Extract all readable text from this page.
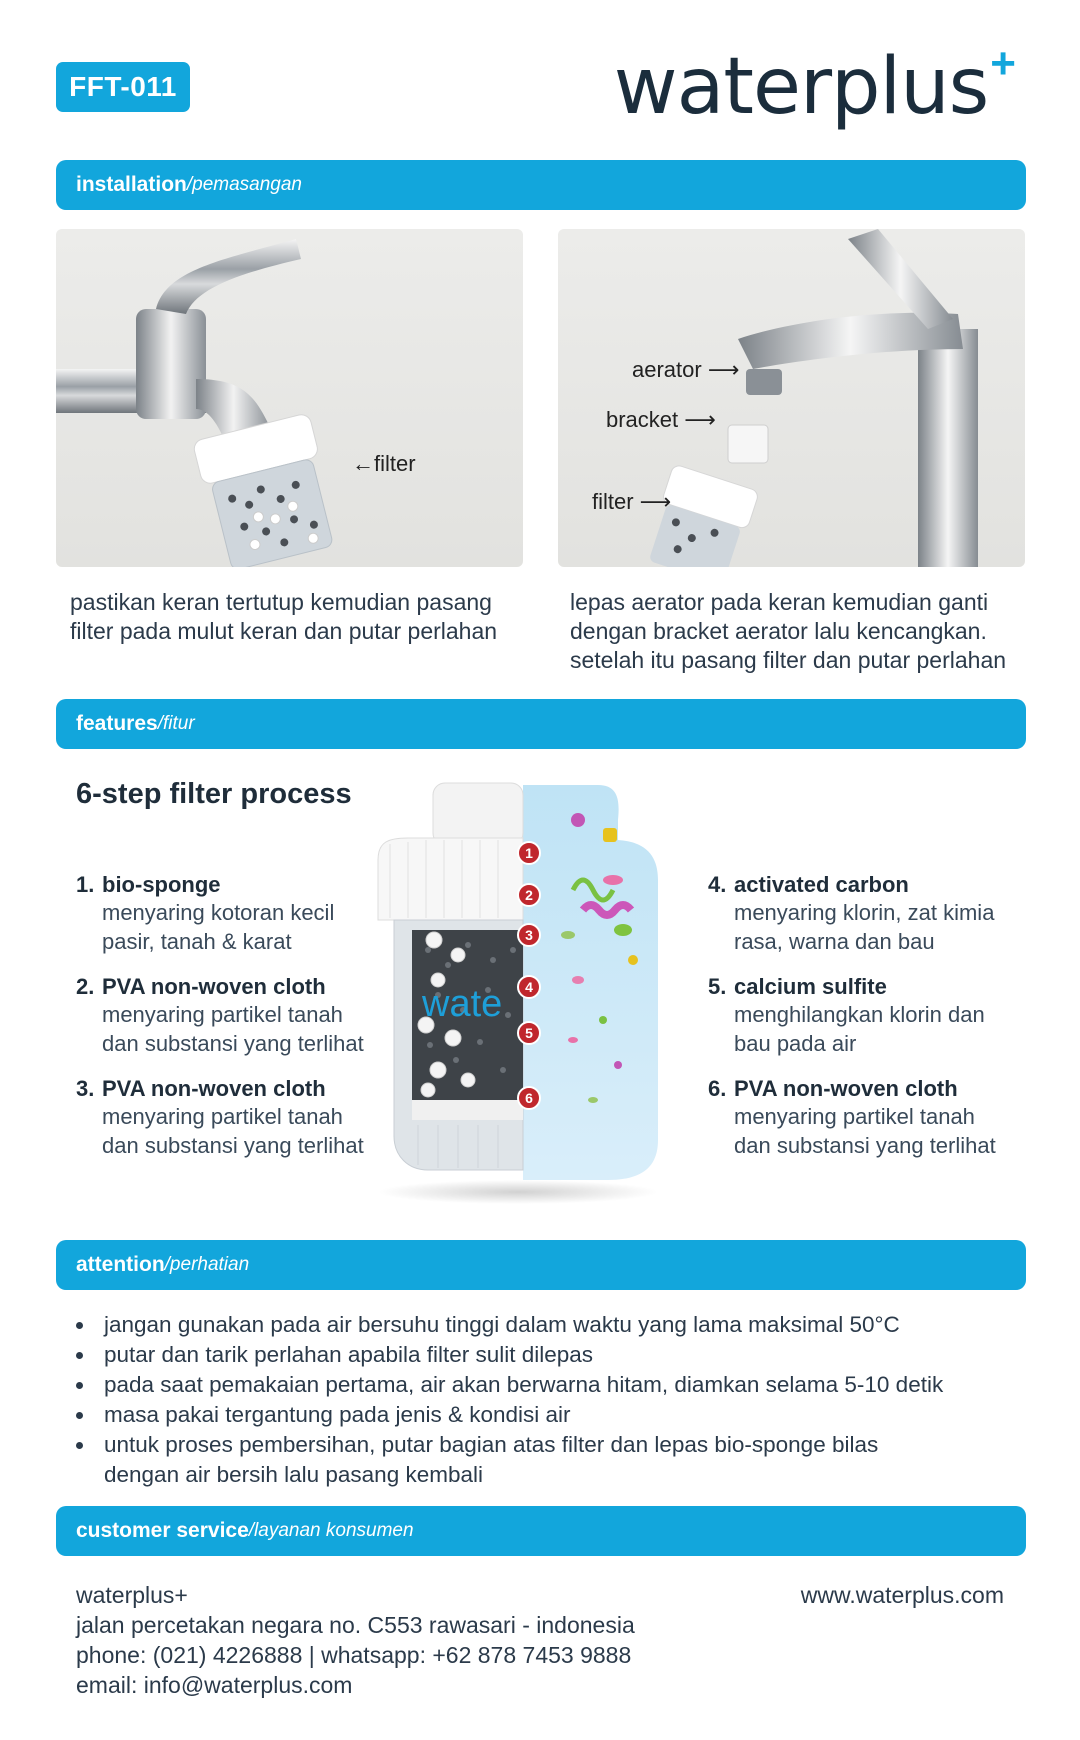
FFT-011	waterplus +
installation /pemasangan
←filter
aerator ⟶
bracket ⟶
filter ⟶
pastikan keran tertutup kemudian pasang
filter pada mulut keran dan putar perlahan
lepas aerator pada keran kemudian ganti
dengan bracket aerator lalu kencangkan.
setelah itu pasang filter dan putar perlahan
features /fitur
6-step filter process
1. bio-sponge
menyaring kotoran kecil
pasir, tanah & karat
2. PVA non-woven cloth
menyaring partikel tanah
dan substansi yang terlihat
3. PVA non-woven cloth
menyaring partikel tanah
dan substansi yang terlihat
4. activated carbon
menyaring klorin, zat kimia
rasa, warna dan bau
5. calcium sulfite
menghilangkan klorin dan
bau pada air
6. PVA non-woven cloth
menyaring partikel tanah
dan substansi yang terlihat
wate
1
2
3
4
5
6
attention /perhatian
jangan gunakan pada air bersuhu tinggi dalam waktu yang lama maksimal 50°C
putar dan tarik perlahan apabila filter sulit dilepas
pada saat pemakaian pertama, air akan berwarna hitam, diamkan selama 5-10 detik
masa pakai tergantung pada jenis & kondisi air
untuk proses pembersihan, putar bagian atas filter dan lepas bio-sponge bilas dengan air bersih lalu pasang kembali
customer service /layanan konsumen
waterplus+
jalan percetakan negara no. C553 rawasari - indonesia
phone: (021) 4226888 | whatsapp: +62 878 7453 9888
email: info@waterplus.com
www.waterplus.com
